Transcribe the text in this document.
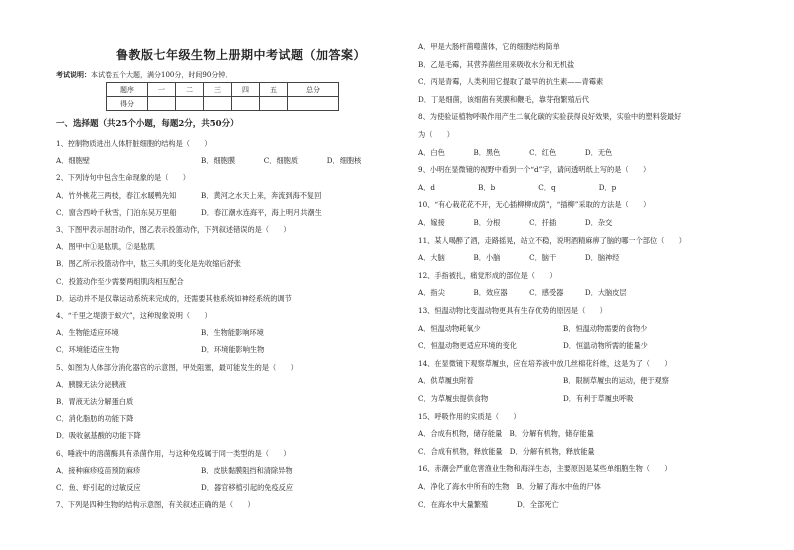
鲁教版七年级生物上册期中考试题（加答案）
考试说明：本试卷五个大题，满分100分，时间90分钟．
题序	一	二	三	四	五	总分
得分						
一、选择题（共25个小题，每题2分，共50分）
1、控制物质进出人体肝脏细胞的结构是（　　）
A．细胞壁	B．细胞膜　　　　C．细胞质　　　　D．细胞核
2、下列诗句中包含生命现象的是（　　）
A．竹外桃花三两枝，春江水暖鸭先知	B．黄河之水天上来，奔流到海不复回
C．窗含西岭千秋雪，门泊东吴万里船	D．春江潮水连海平，海上明月共潮生
3、下图甲表示屈肘动作，图乙表示投篮动作，下列叙述错误的是（　　）
A．图甲中①是肱肌，②是肱肌
B．图乙所示投篮动作中，肱三头肌的变化是先收缩后舒张
C．投篮动作至少需要两组肌肉相互配合
D．运动并不是仅靠运动系统来完成的，还需要其他系统如神经系统的调节
4、“千里之堤溃于蚁穴”，这种现象说明（　　）
A．生物能适应环境	B．生物能影响环境
C．环境能适应生物	D．环境能影响生物
5、如图为人体部分消化器官的示意图，甲处阻塞，最可能发生的是（　　）
A．胰腺无法分泌胰液
B．胃液无法分解蛋白质
C．消化脂肪的功能下降
D．吸收氨基酸的功能下降
6、唾液中的溶菌酶具有杀菌作用，与这种免疫属于同一类型的是（　　）
A．接种麻疹疫苗预防麻疹	B．皮肤黏膜阻挡和清除异物
C．鱼、虾引起的过敏反应	D．器官移植引起的免疫反应
7、下列是四种生物的结构示意图，有关叙述正确的是（　　）
A．甲是大肠杆菌噬菌体，它的细胞结构简单
B．乙是毛霉，其营养菌丝用来吸收水分和无机盐
C．丙是青霉，人类利用它提取了最早的抗生素——青霉素
D．丁是细菌，该细菌有荚膜和鞭毛，靠芽孢繁殖后代
8、为使验证植物呼吸作用产生二氧化碳的实验获得良好效果，实验中的塑料袋最好
为（　　）
A．白色　　　　B．黑色　　　　C．红色　　　　D．无色
9、小明在显微镜的视野中看到一个“d”字，请问透明纸上写的是（　　）
A．d　　　　　　B．b　　　　　　C．q　　　　　　D．p
10、“有心栽花花不开，无心插柳柳成荫”，“插柳”采取的方法是（　　）
A．嫁接　　　　B．分根　　　　C．扦插　　　　D．杂交
11、某人喝醉了酒，走路摇晃，站立不稳，说明酒精麻痹了脑的哪一个部位（　　）
A．大脑　　　　B．小脑　　　　C．脑干　　　　D．脑神经
12、手指被扎，痛觉形成的部位是（　　）
A．指尖　　　　B．效应器　　　C．感受器　　　D．大脑皮层
13、恒温动物比变温动物更具有生存优势的原因是（　　）
A．恒温动物耗氧少	B．恒温动物需要的食物少
C．恒温动物更适应环境的变化	D．恒温动物所需的能量少
14、在显微镜下观察草履虫，应在培养液中放几丝棉花纤维，这是为了（　　）
A．供草履虫附着	B．限制草履虫的运动，便于观察
C．为草履虫提供食物	D．有利于草履虫呼吸
15、呼吸作用的实质是（　　）
A．合成有机物，储存能量　B．分解有机物，储存能量
C．合成有机物，释放能量　D．分解有机物，释放能量
16、赤潮会严重危害渔业生物和海洋生态，主要原因是某些单细胞生物（　　）
A．净化了海水中所有的生物　B．分解了海水中鱼的尸体
C．在海水中大量繁殖　　　　D．全部死亡
